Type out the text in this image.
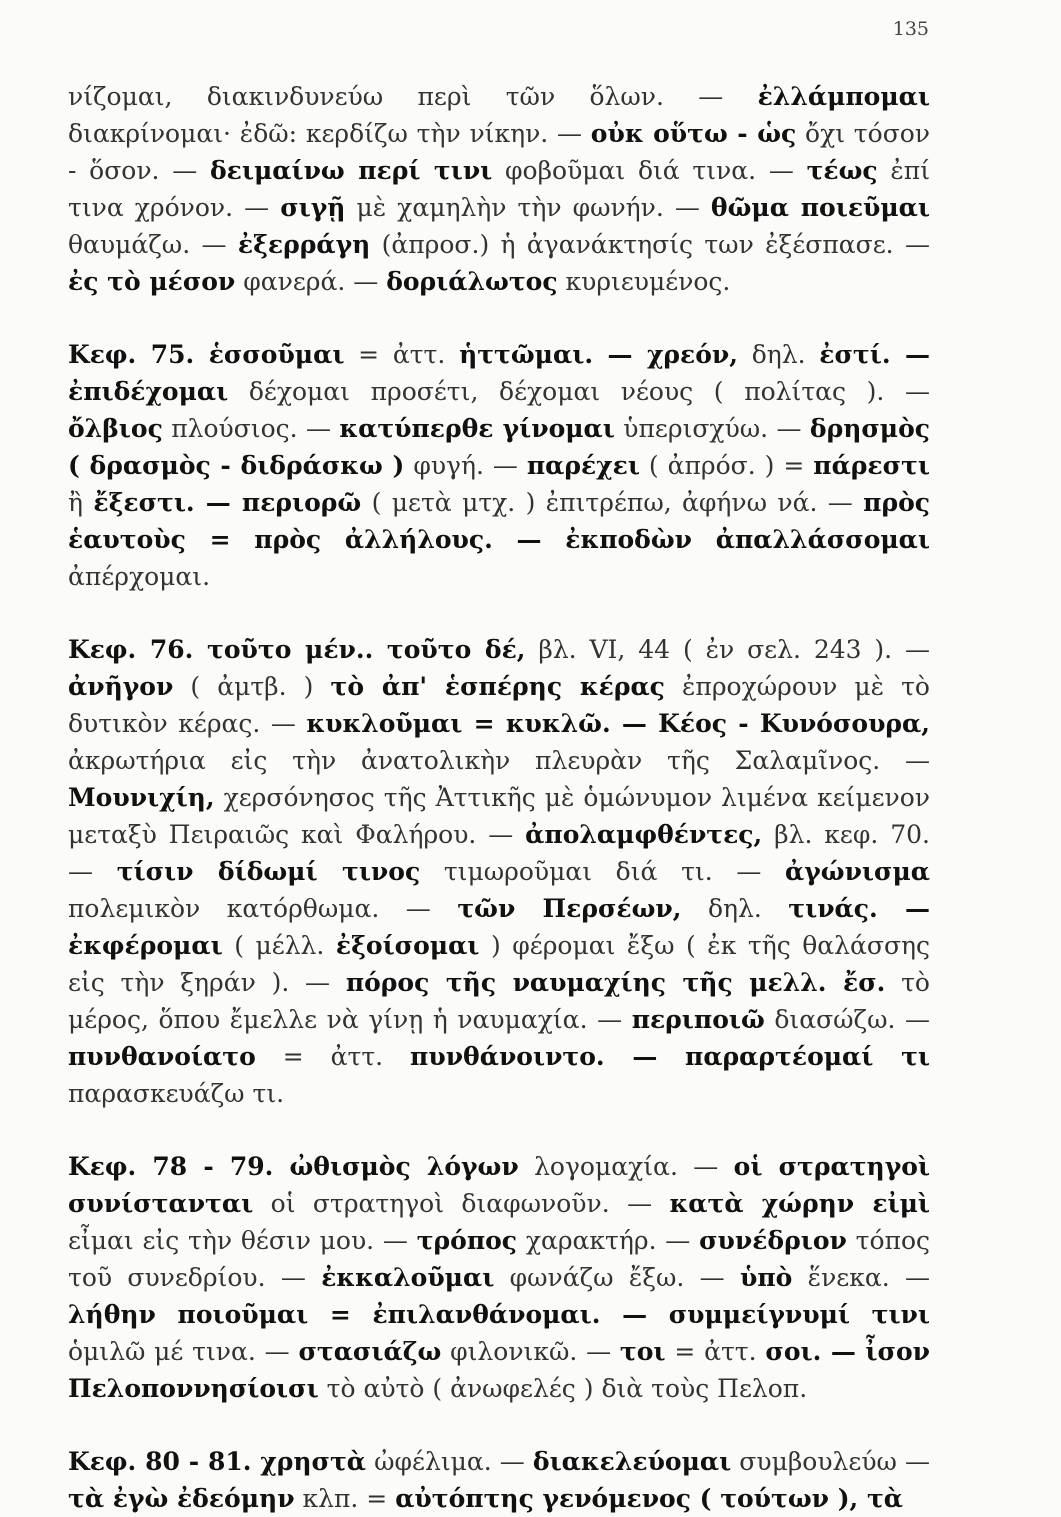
135

νίζομαι, διακινδυνεύω περὶ τῶν ὅλων. — ἐλλάμπομαι διακρίνομαι· ἐδῶ: κερδίζω τὴν νίκην. — οὐκ οὕτω - ὡς ὄχι τόσον - ὅσον. — δειμαίνω περί τινι φοβοῦμαι διά τινα. — τέως ἐπί τινα χρόνον. — σιγῇ μὲ χαμηλὴν τὴν φωνήν. — θῶμα ποιεῦμαι θαυμάζω. — ἐξερράγη (ἀπροσ.) ἡ ἀγανάκτησίς των ἐξέσπασε. — ἐς τὸ μέσον φανερά. — δοριάλωτος κυριευμένος.

Κεφ. 75. ἑσσοῦμαι = ἀττ. ἡττῶμαι. — χρεόν, δηλ. ἐστί. — ἐπιδέχομαι δέχομαι προσέτι, δέχομαι νέους ( πολίτας ). — ὄλβιος πλούσιος. — κατύπερθε γίνομαι ὑπερισχύω. — δρησμὸς ( δρασμὸς - διδράσκω ) φυγή. — παρέχει ( ἀπρόσ. ) = πάρεστι ἢ ἔξεστι. — περιορῶ ( μετὰ μτχ. ) ἐπιτρέπω, ἀφήνω νά. — πρὸς ἑαυτοὺς = πρὸς ἀλλήλους. — ἐκποδὼν ἀπαλλάσσομαι ἀπέρχομαι.

Κεφ. 76. τοῦτο μέν.. τοῦτο δέ, βλ. VI, 44 ( ἐν σελ. 243 ). — ἀνῆγον ( ἀμτβ. ) τὸ ἀπ' ἑσπέρης κέρας ἐπροχώρουν μὲ τὸ δυτικὸν κέρας. — κυκλοῦμαι = κυκλῶ. — Κέος - Κυνόσουρα, ἀκρωτήρια εἰς τὴν ἀνατολικὴν πλευρὰν τῆς Σαλαμῖνος. — Μουνιχίη, χερσόνησος τῆς Ἀττικῆς μὲ ὁμώνυμον λιμένα κείμενον μεταξὺ Πειραιῶς καὶ Φαλήρου. — ἀπολαμφθέντες, βλ. κεφ. 70. — τίσιν δίδωμί τινος τιμωροῦμαι διά τι. — ἀγώνισμα πολεμικὸν κατόρθωμα. — τῶν Περσέων, δηλ. τινάς. — ἐκφέρομαι ( μέλλ. ἐξοίσομαι ) φέρομαι ἔξω ( ἐκ τῆς θαλάσσης εἰς τὴν ξηράν ). — πόρος τῆς ναυμαχίης τῆς μελλ. ἔσ. τὸ μέρος, ὅπου ἔμελλε νὰ γίνῃ ἡ ναυμαχία. — περιποιῶ διασώζω. — πυνθανοίατο = ἀττ. πυνθάνοιντο. — παραρτέομαί τι παρασκευάζω τι.

Κεφ. 78 - 79. ὠθισμὸς λόγων λογομαχία. — οἱ στρατηγοὶ συνίστανται οἱ στρατηγοὶ διαφωνοῦν. — κατὰ χώρην εἰμὶ εἶμαι εἰς τὴν θέσιν μου. — τρόπος χαρακτήρ. — συνέδριον τόπος τοῦ συνεδρίου. — ἐκκαλοῦμαι φωνάζω ἔξω. — ὑπὸ ἕνεκα. — λήθην ποιοῦμαι = ἐπιλανθάνομαι. — συμμείγνυμί τινι ὁμιλῶ μέ τινα. — στασιάζω φιλονικῶ. — τοι = ἀττ. σοι. — ἶσον Πελοποννησίοισι τὸ αὐτὸ ( ἀνωφελές ) διὰ τοὺς Πελοπ.

Κεφ. 80 - 81. χρηστὰ ὠφέλιμα. — διακελεύομαι συμβουλεύω — τὰ ἐγὼ ἐδεόμην κλπ. = αὐτόπτης γενόμενος ( τούτων ), τὰ
